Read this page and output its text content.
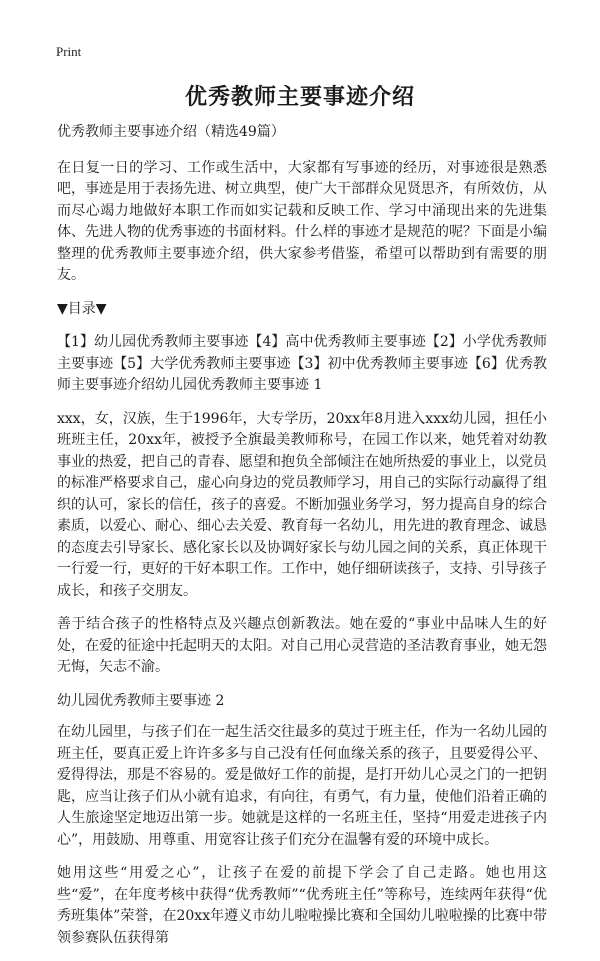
Print
优秀教师主要事迹介绍

优秀教师主要事迹介绍（精选49篇）

在日复一日的学习、工作或生活中，大家都有写事迹的经历，对事迹很是熟悉吧，事迹是用于表扬先进、树立典型，使广大干部群众见贤思齐，有所效仿，从而尽心竭力地做好本职工作而如实记载和反映工作、学习中涌现出来的先进集体、先进人物的优秀事迹的书面材料。什么样的事迹才是规范的呢？下面是小编整理的优秀教师主要事迹介绍，供大家参考借鉴，希望可以帮助到有需要的朋友。

▼目录▼

【1】幼儿园优秀教师主要事迹【4】高中优秀教师主要事迹【2】小学优秀教师主要事迹【5】大学优秀教师主要事迹【3】初中优秀教师主要事迹【6】优秀教师主要事迹介绍幼儿园优秀教师主要事迹 1

xxx，女，汉族，生于1996年，大专学历，20xx年8月进入xxx幼儿园，担任小班班主任，20xx年，被授予全旗最美教师称号，在园工作以来，她凭着对幼教事业的热爱，把自己的青春、愿望和抱负全部倾注在她所热爱的事业上，以党员的标准严格要求自己，虚心向身边的党员教师学习，用自己的实际行动赢得了组织的认可，家长的信任，孩子的喜爱。不断加强业务学习，努力提高自身的综合素质，以爱心、耐心、细心去关爱、教育每一名幼儿，用先进的教育理念、诚恳的态度去引导家长、感化家长以及协调好家长与幼儿园之间的关系，真正体现干一行爱一行，更好的干好本职工作。工作中，她仔细研读孩子，支持、引导孩子成长，和孩子交朋友。

善于结合孩子的性格特点及兴趣点创新教法。她在爱的“事业中品味人生的好处，在爱的征途中托起明天的太阳。对自己用心灵营造的圣洁教育事业，她无怨无悔，矢志不渝。

幼儿园优秀教师主要事迹 2

在幼儿园里，与孩子们在一起生活交往最多的莫过于班主任，作为一名幼儿园的班主任，要真正爱上许许多多与自己没有任何血缘关系的孩子，且要爱得公平、爱得得法，那是不容易的。爱是做好工作的前提，是打开幼儿心灵之门的一把钥匙，应当让孩子们从小就有追求，有向往，有勇气，有力量，使他们沿着正确的人生旅途坚定地迈出第一步。她就是这样的一名班主任，坚持“用爱走进孩子内心”，用鼓励、用尊重、用宽容让孩子们充分在温馨有爱的环境中成长。

她用这些“用爱之心”，让孩子在爱的前提下学会了自己走路。她也用这些“爱”，在年度考核中获得“优秀教师”“优秀班主任”等称号，连续两年获得“优秀班集体”荣誉，在20xx年遵义市幼儿啦啦操比赛和全国幼儿啦啦操的比赛中带领参赛队伍获得第
